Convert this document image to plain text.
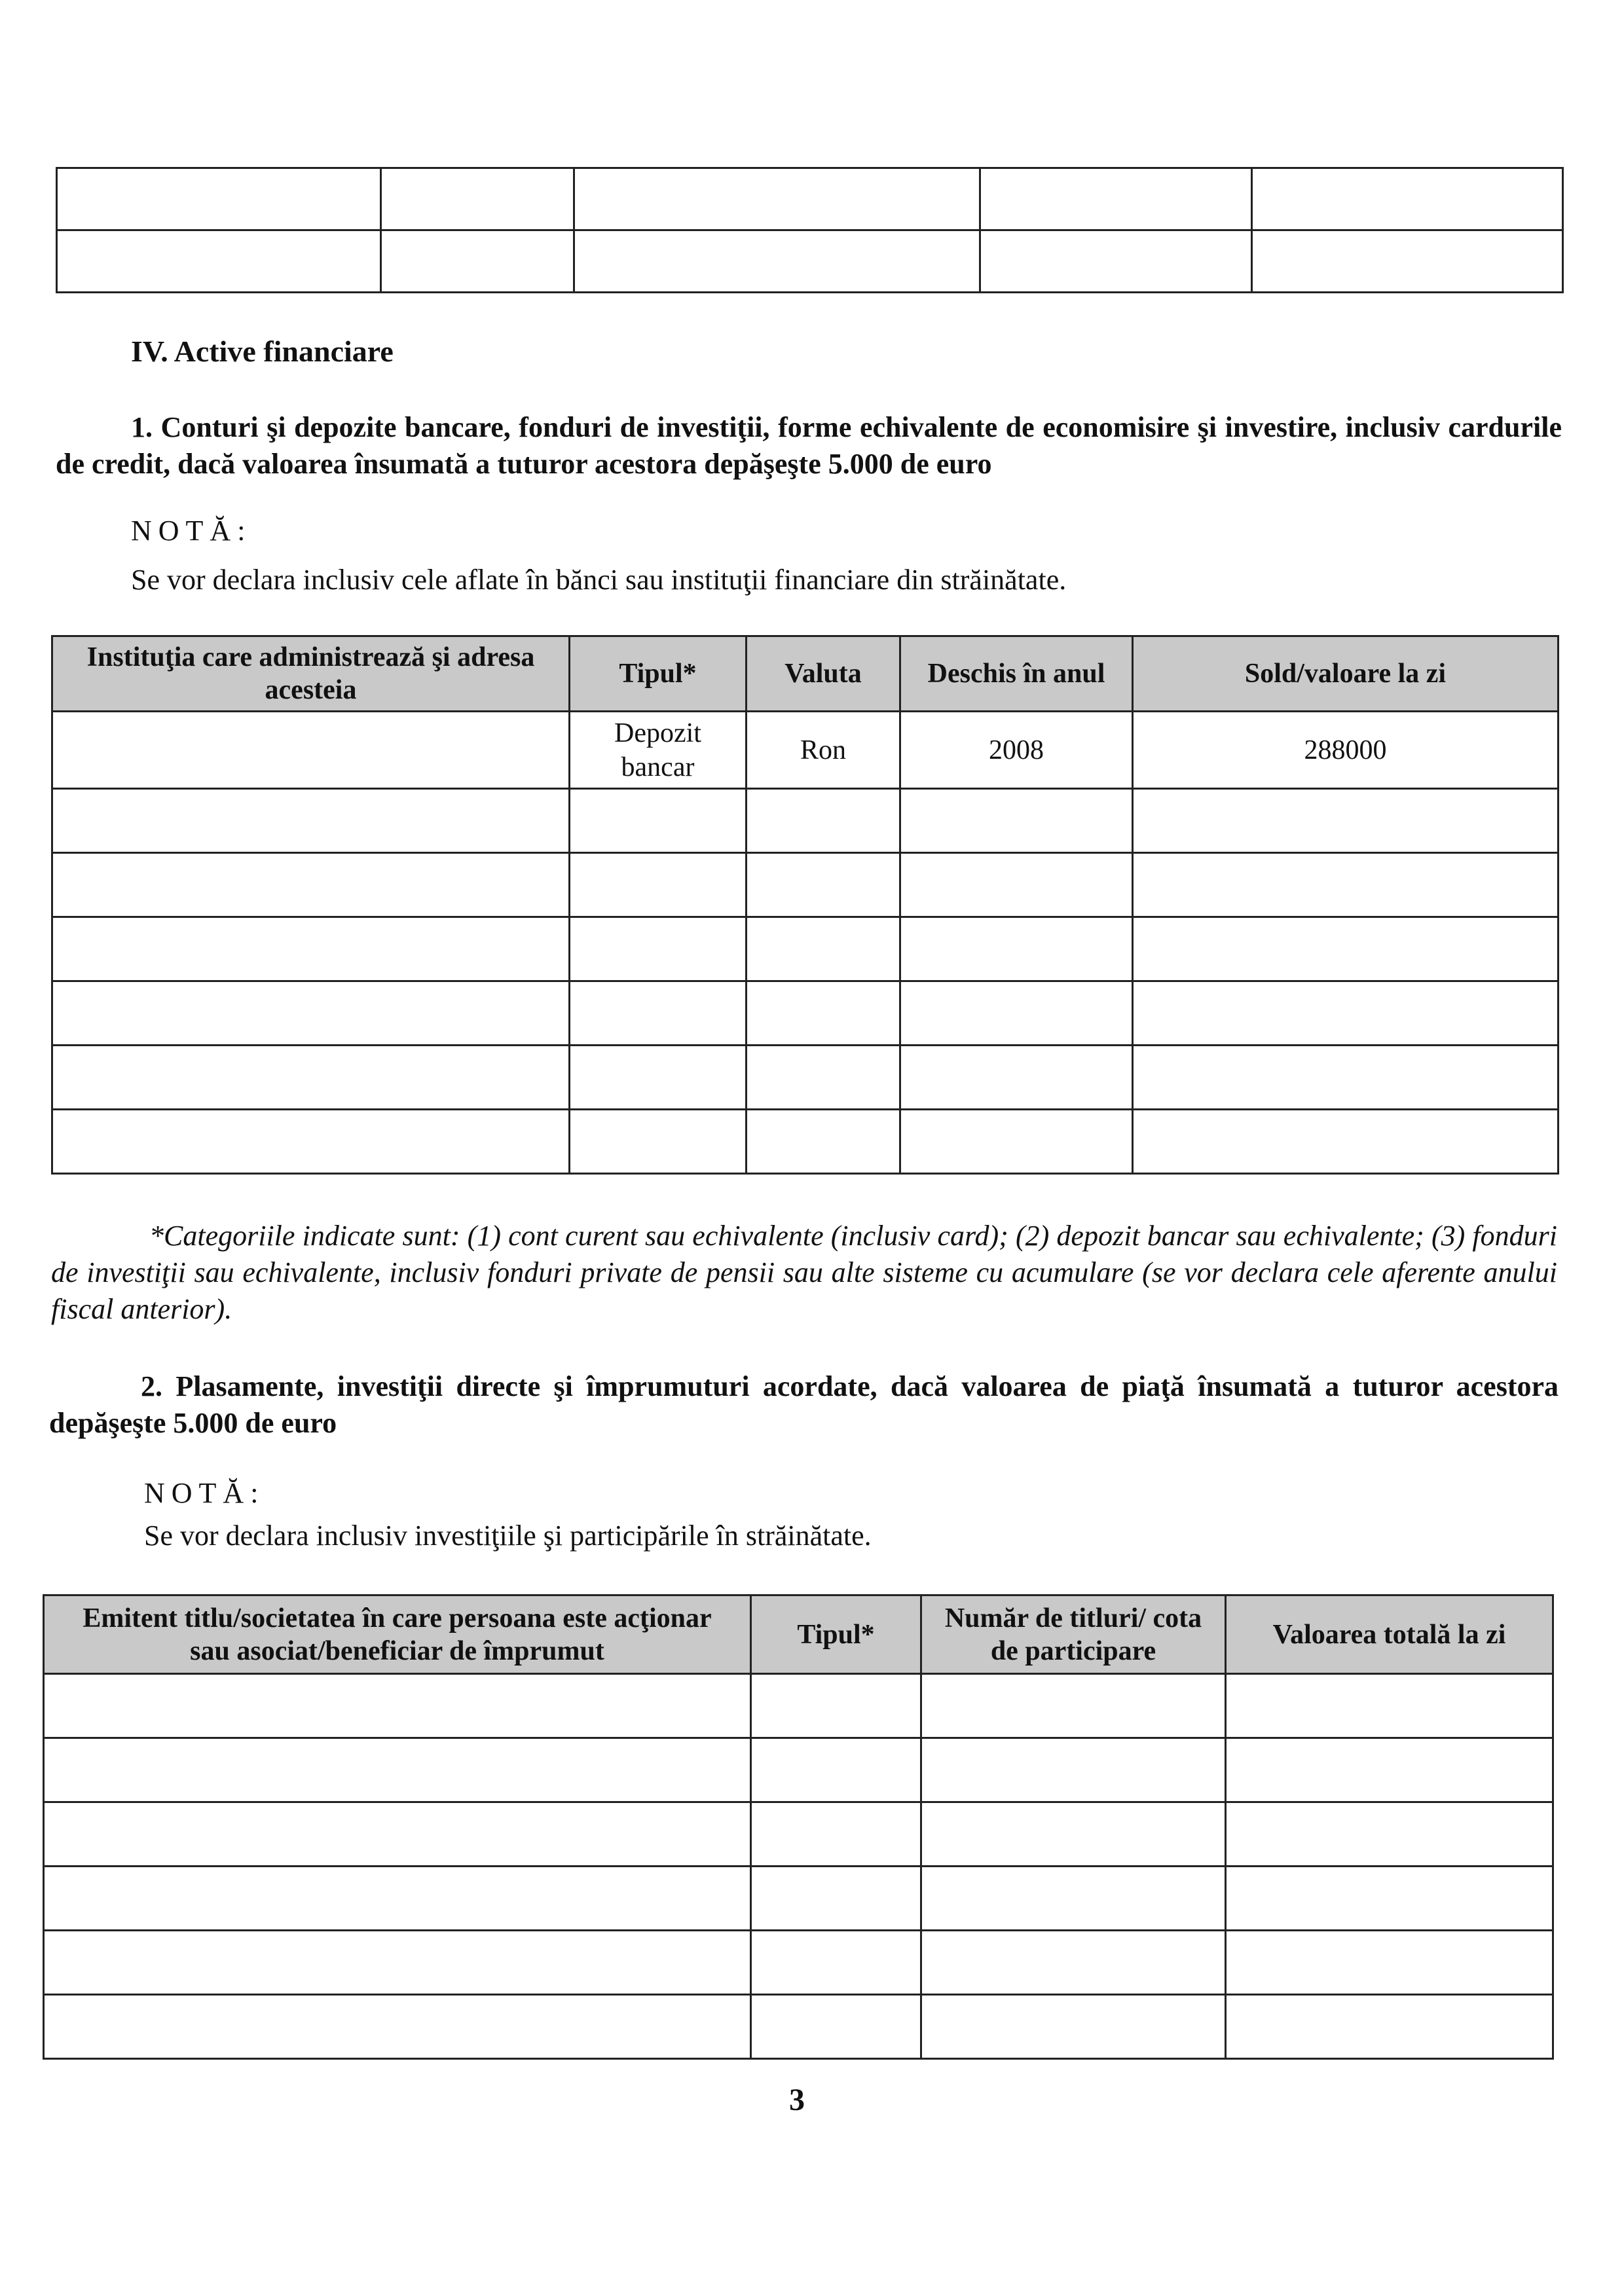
IV. Active financiare
1. Conturi şi depozite bancare, fonduri de investiţii, forme echivalente de economisire şi investire, inclusiv cardurile de credit, dacă valoarea însumată a tuturor acestora depăşeşte 5.000 de euro
NOTĂ:
Se vor declara inclusiv cele aflate în bănci sau instituţii financiare din străinătate.
Instituţia care administrează şi adresa acesteia	Tipul*	Valuta	Deschis în anul	Sold/valoare la zi
	Depozit bancar	Ron	2008	288000

*Categoriile indicate sunt: (1) cont curent sau echivalente (inclusiv card); (2) depozit bancar sau echivalente; (3) fonduri de investiţii sau echivalente, inclusiv fonduri private de pensii sau alte sisteme cu acumulare (se vor declara cele aferente anului fiscal anterior).
2. Plasamente, investiţii directe şi împrumuturi acordate, dacă valoarea de piaţă însumată a tuturor acestora depăşeşte 5.000 de euro
NOTĂ:
Se vor declara inclusiv investiţiile şi participările în străinătate.
Emitent titlu/societatea în care persoana este acţionar sau asociat/beneficiar de împrumut	Tipul*	Număr de titluri/ cota de participare	Valoarea totală la zi

3
